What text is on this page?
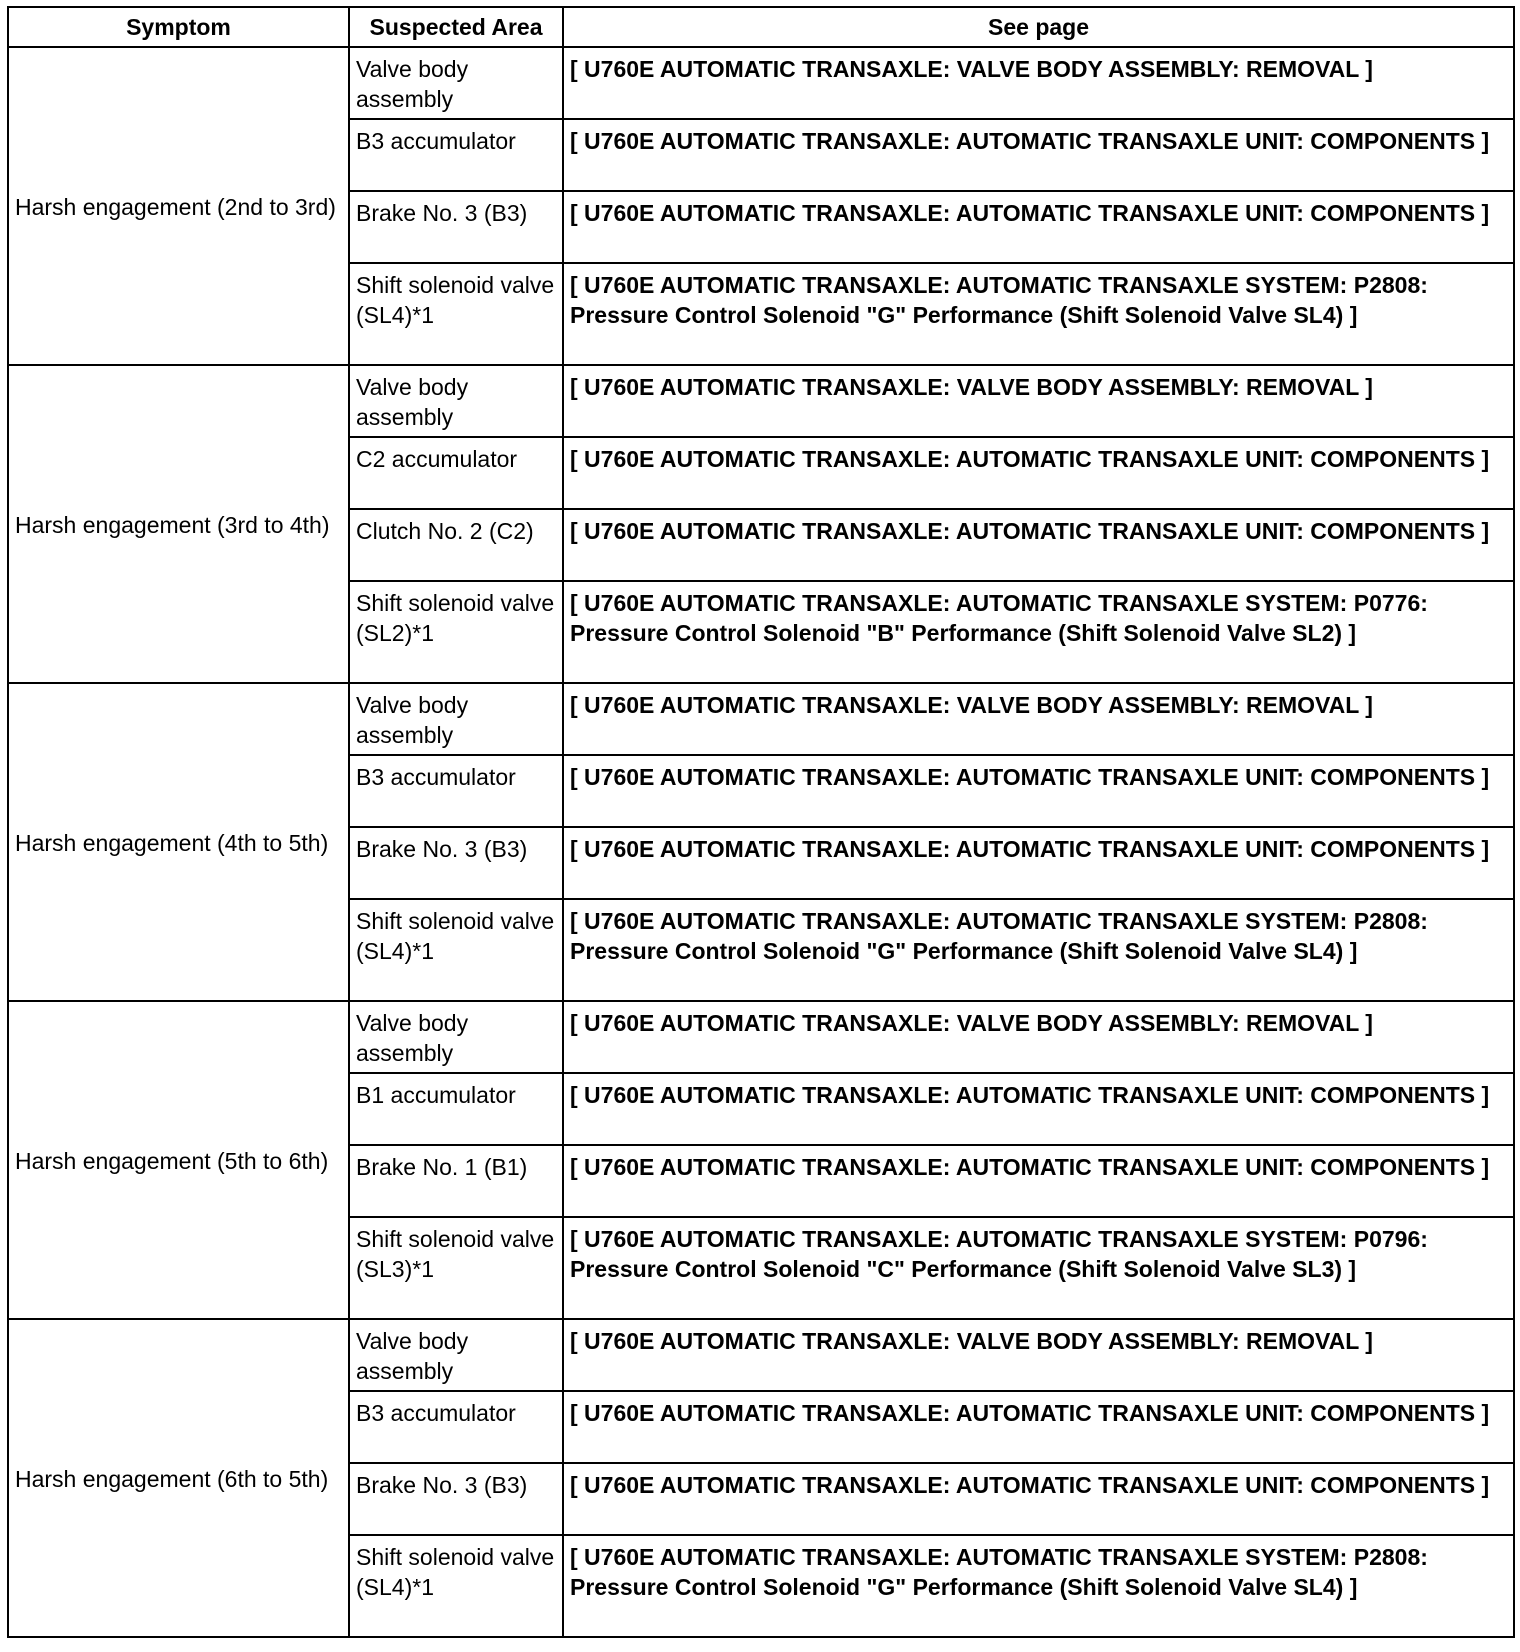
Symptom	Suspected Area	See page
Harsh engagement (2nd to 3rd)	Valve body assembly	[ U760E AUTOMATIC TRANSAXLE: VALVE BODY ASSEMBLY: REMOVAL ]
	B3 accumulator	[ U760E AUTOMATIC TRANSAXLE: AUTOMATIC TRANSAXLE UNIT: COMPONENTS ]
	Brake No. 3 (B3)	[ U760E AUTOMATIC TRANSAXLE: AUTOMATIC TRANSAXLE UNIT: COMPONENTS ]
	Shift solenoid valve (SL4)*1	[ U760E AUTOMATIC TRANSAXLE: AUTOMATIC TRANSAXLE SYSTEM: P2808: Pressure Control Solenoid "G" Performance (Shift Solenoid Valve SL4) ]
Harsh engagement (3rd to 4th)	Valve body assembly	[ U760E AUTOMATIC TRANSAXLE: VALVE BODY ASSEMBLY: REMOVAL ]
	C2 accumulator	[ U760E AUTOMATIC TRANSAXLE: AUTOMATIC TRANSAXLE UNIT: COMPONENTS ]
	Clutch No. 2 (C2)	[ U760E AUTOMATIC TRANSAXLE: AUTOMATIC TRANSAXLE UNIT: COMPONENTS ]
	Shift solenoid valve (SL2)*1	[ U760E AUTOMATIC TRANSAXLE: AUTOMATIC TRANSAXLE SYSTEM: P0776: Pressure Control Solenoid "B" Performance (Shift Solenoid Valve SL2) ]
Harsh engagement (4th to 5th)	Valve body assembly	[ U760E AUTOMATIC TRANSAXLE: VALVE BODY ASSEMBLY: REMOVAL ]
	B3 accumulator	[ U760E AUTOMATIC TRANSAXLE: AUTOMATIC TRANSAXLE UNIT: COMPONENTS ]
	Brake No. 3 (B3)	[ U760E AUTOMATIC TRANSAXLE: AUTOMATIC TRANSAXLE UNIT: COMPONENTS ]
	Shift solenoid valve (SL4)*1	[ U760E AUTOMATIC TRANSAXLE: AUTOMATIC TRANSAXLE SYSTEM: P2808: Pressure Control Solenoid "G" Performance (Shift Solenoid Valve SL4) ]
Harsh engagement (5th to 6th)	Valve body assembly	[ U760E AUTOMATIC TRANSAXLE: VALVE BODY ASSEMBLY: REMOVAL ]
	B1 accumulator	[ U760E AUTOMATIC TRANSAXLE: AUTOMATIC TRANSAXLE UNIT: COMPONENTS ]
	Brake No. 1 (B1)	[ U760E AUTOMATIC TRANSAXLE: AUTOMATIC TRANSAXLE UNIT: COMPONENTS ]
	Shift solenoid valve (SL3)*1	[ U760E AUTOMATIC TRANSAXLE: AUTOMATIC TRANSAXLE SYSTEM: P0796: Pressure Control Solenoid "C" Performance (Shift Solenoid Valve SL3) ]
Harsh engagement (6th to 5th)	Valve body assembly	[ U760E AUTOMATIC TRANSAXLE: VALVE BODY ASSEMBLY: REMOVAL ]
	B3 accumulator	[ U760E AUTOMATIC TRANSAXLE: AUTOMATIC TRANSAXLE UNIT: COMPONENTS ]
	Brake No. 3 (B3)	[ U760E AUTOMATIC TRANSAXLE: AUTOMATIC TRANSAXLE UNIT: COMPONENTS ]
	Shift solenoid valve (SL4)*1	[ U760E AUTOMATIC TRANSAXLE: AUTOMATIC TRANSAXLE SYSTEM: P2808: Pressure Control Solenoid "G" Performance (Shift Solenoid Valve SL4) ]
